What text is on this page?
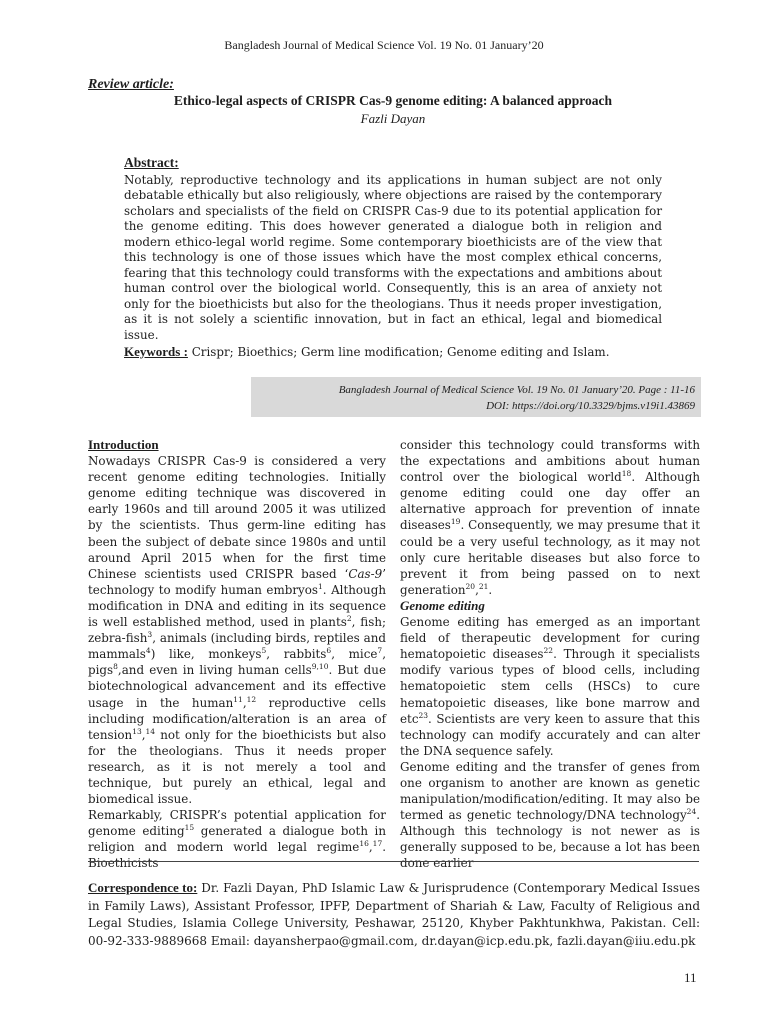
Bangladesh Journal of Medical Science Vol. 19 No. 01 January’20
Review article:
Ethico-legal aspects of CRISPR Cas-9 genome editing: A balanced approach
Fazli Dayan
Abstract:

Notably, reproductive technology and its applications in human subject are not only debatable ethically but also religiously, where objections are raised by the contemporary scholars and specialists of the field on CRISPR Cas-9 due to its potential application for the genome editing. This does however generated a dialogue both in religion and modern ethico-legal world regime. Some contemporary bioethicists are of the view that this technology is one of those issues which have the most complex ethical concerns, fearing that this technology could transforms with the expectations and ambitions about human control over the biological world. Consequently, this is an area of anxiety not only for the bioethicists but also for the theologians. Thus it needs proper investigation, as it is not solely a scientific innovation, but in fact an ethical, legal and biomedical issue.

Keywords : Crispr; Bioethics; Germ line modification; Genome editing and Islam.
Bangladesh Journal of Medical Science Vol. 19 No. 01 January’20. Page : 11-16
DOI: https://doi.org/10.3329/bjms.v19i1.43869
Introduction

Nowadays CRISPR Cas-9 is considered a very recent genome editing technologies. Initially genome editing technique was discovered in early 1960s and till around 2005 it was utilized by the scientists. Thus germ-line editing has been the subject of debate since 1980s and until around April 2015 when for the first time Chinese scientists used CRISPR based ‘Cas-9’ technology to modify human embryos$^1$. Although modification in DNA and editing in its sequence is well established method, used in plants$^2$, fish; zebra-fish$^3$, animals (including birds, reptiles and mammals$^4$) like, monkeys$^5$, rabbits$^6$, mice$^7$, pigs$^8$,and even in living human cells$^{9,10}$. But due biotechnological advancement and its effective usage in the human$^{11}$,$^{12}$ reproductive cells including modification/alteration is an area of tension$^{13}$,$^{14}$ not only for the bioethicists but also for the theologians. Thus it needs proper research, as it is not merely a tool and technique, but purely an ethical, legal and biomedical issue.

Remarkably, CRISPR’s potential application for genome editing$^{15}$ generated a dialogue both in religion and modern world legal regime$^{16}$,$^{17}$. Bioethicists

consider this technology could transforms with the expectations and ambitions about human control over the biological world$^{18}$. Although genome editing could one day offer an alternative approach for prevention of innate diseases$^{19}$. Consequently, we may presume that it could be a very useful technology, as it may not only cure heritable diseases but also force to prevent it from being passed on to next generation$^{20}$,$^{21}$.

Genome editing

Genome editing has emerged as an important field of therapeutic development for curing hematopoietic diseases$^{22}$. Through it specialists modify various types of blood cells, including hematopoietic stem cells (HSCs) to cure hematopoietic diseases, like bone marrow and etc$^{23}$. Scientists are very keen to assure that this technology can modify accurately and can alter the DNA sequence safely.

Genome editing and the transfer of genes from one organism to another are known as genetic manipulation/modification/editing. It may also be termed as genetic technology/DNA technology$^{24}$. Although this technology is not newer as is generally supposed to be, because a lot has been done earlier

Correspondence to: Dr. Fazli Dayan, PhD Islamic Law & Jurisprudence (Contemporary Medical Issues in Family Laws), Assistant Professor, IPFP, Department of Shariah & Law, Faculty of Religious and Legal Studies, Islamia College University, Peshawar, 25120, Khyber Pakhtunkhwa, Pakistan. Cell: 00-92-333-9889668 Email: dayansherpao@gmail.com, dr.dayan@icp.edu.pk, fazli.dayan@iiu.edu.pk
11
